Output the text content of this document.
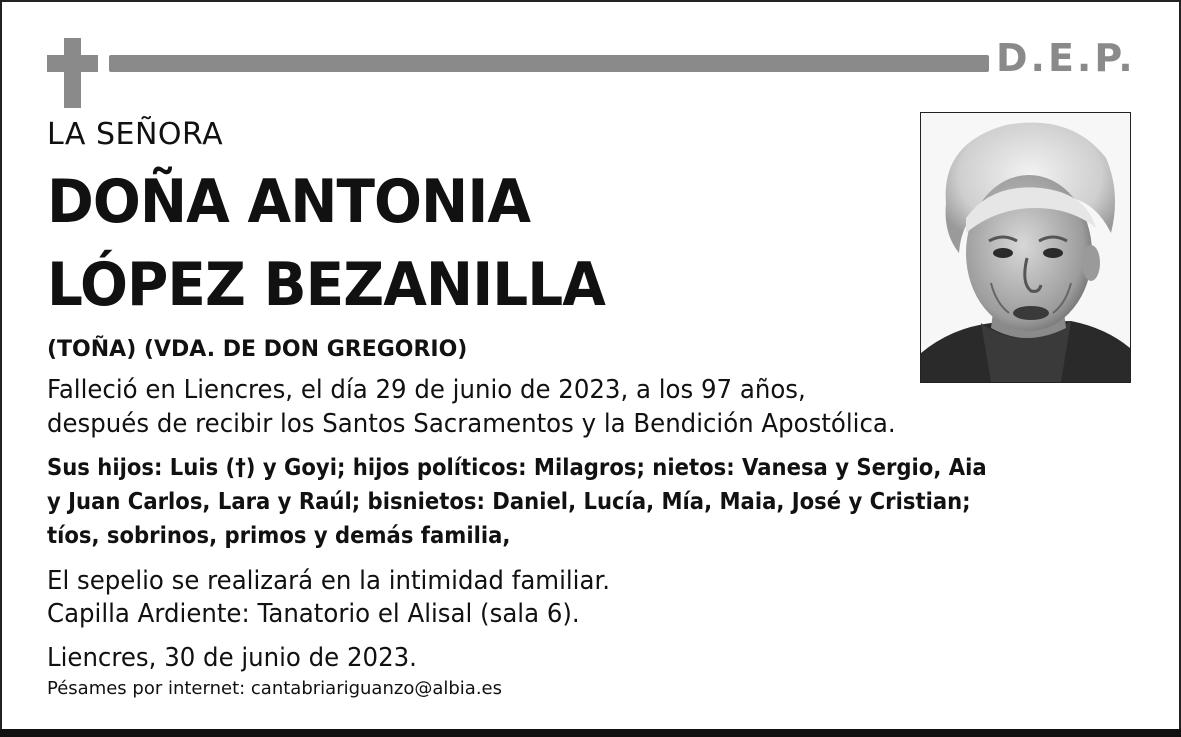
D.E.P.
LA SEÑORA
DOÑA ANTONIA
LÓPEZ BEZANILLA
(TOÑA) (VDA. DE DON GREGORIO)
Falleció en Liencres, el día 29 de junio de 2023, a los 97 años,
después de recibir los Santos Sacramentos y la Bendición Apostólica.
Sus hijos: Luis (†) y Goyi; hijos políticos: Milagros; nietos: Vanesa y Sergio, Aia y Juan Carlos, Lara y Raúl; bisnietos: Daniel, Lucía, Mía, Maia, José y Cristian; tíos, sobrinos, primos y demás familia,
El sepelio se realizará en la intimidad familiar.
Capilla Ardiente: Tanatorio el Alisal (sala 6).
Liencres, 30 de junio de 2023.
Pésames por internet: cantabriariguanzo@albia.es
